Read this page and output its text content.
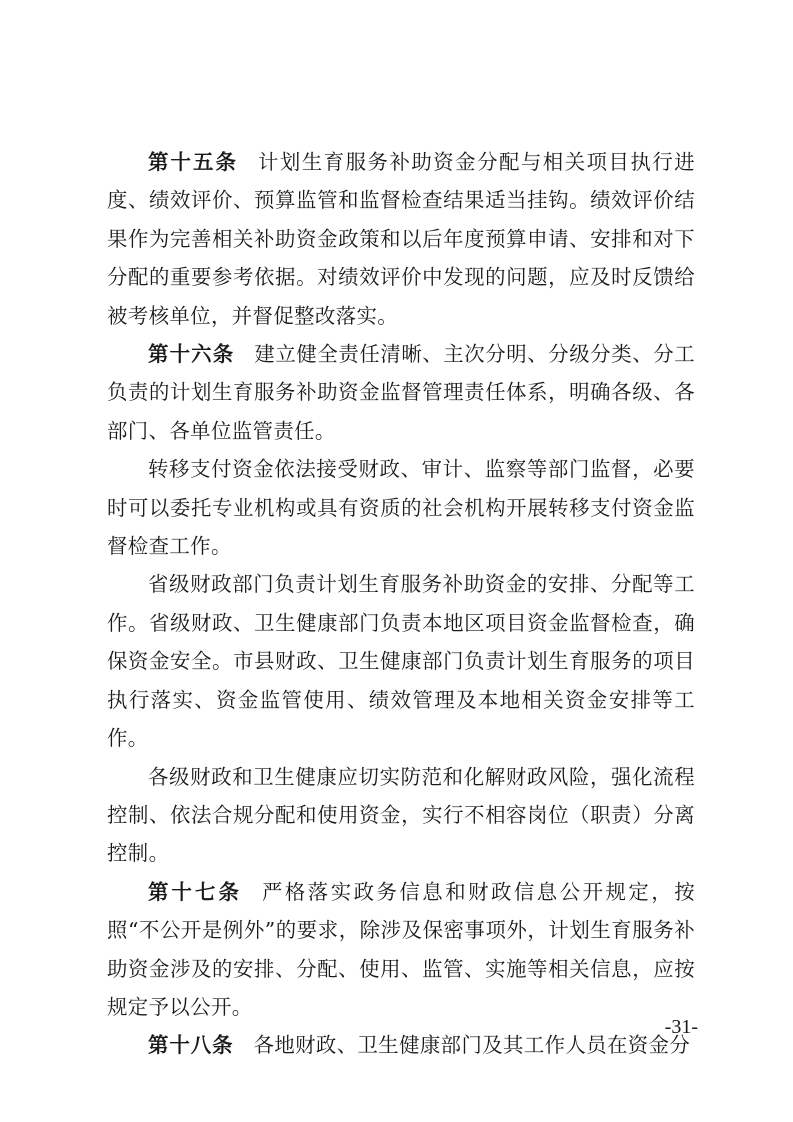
第十五条 计划生育服务补助资金分配与相关项目执行进度、绩效评价、预算监管和监督检查结果适当挂钩。绩效评价结果作为完善相关补助资金政策和以后年度预算申请、安排和对下分配的重要参考依据。对绩效评价中发现的问题，应及时反馈给被考核单位，并督促整改落实。

第十六条 建立健全责任清晰、主次分明、分级分类、分工负责的计划生育服务补助资金监督管理责任体系，明确各级、各部门、各单位监管责任。

转移支付资金依法接受财政、审计、监察等部门监督，必要时可以委托专业机构或具有资质的社会机构开展转移支付资金监督检查工作。

省级财政部门负责计划生育服务补助资金的安排、分配等工作。省级财政、卫生健康部门负责本地区项目资金监督检查，确保资金安全。市县财政、卫生健康部门负责计划生育服务的项目执行落实、资金监管使用、绩效管理及本地相关资金安排等工作。

各级财政和卫生健康应切实防范和化解财政风险，强化流程控制、依法合规分配和使用资金，实行不相容岗位（职责）分离控制。

第十七条 严格落实政务信息和财政信息公开规定，按照“不公开是例外”的要求，除涉及保密事项外，计划生育服务补助资金涉及的安排、分配、使用、监管、实施等相关信息，应按规定予以公开。

第十八条 各地财政、卫生健康部门及其工作人员在资金分

-31-
